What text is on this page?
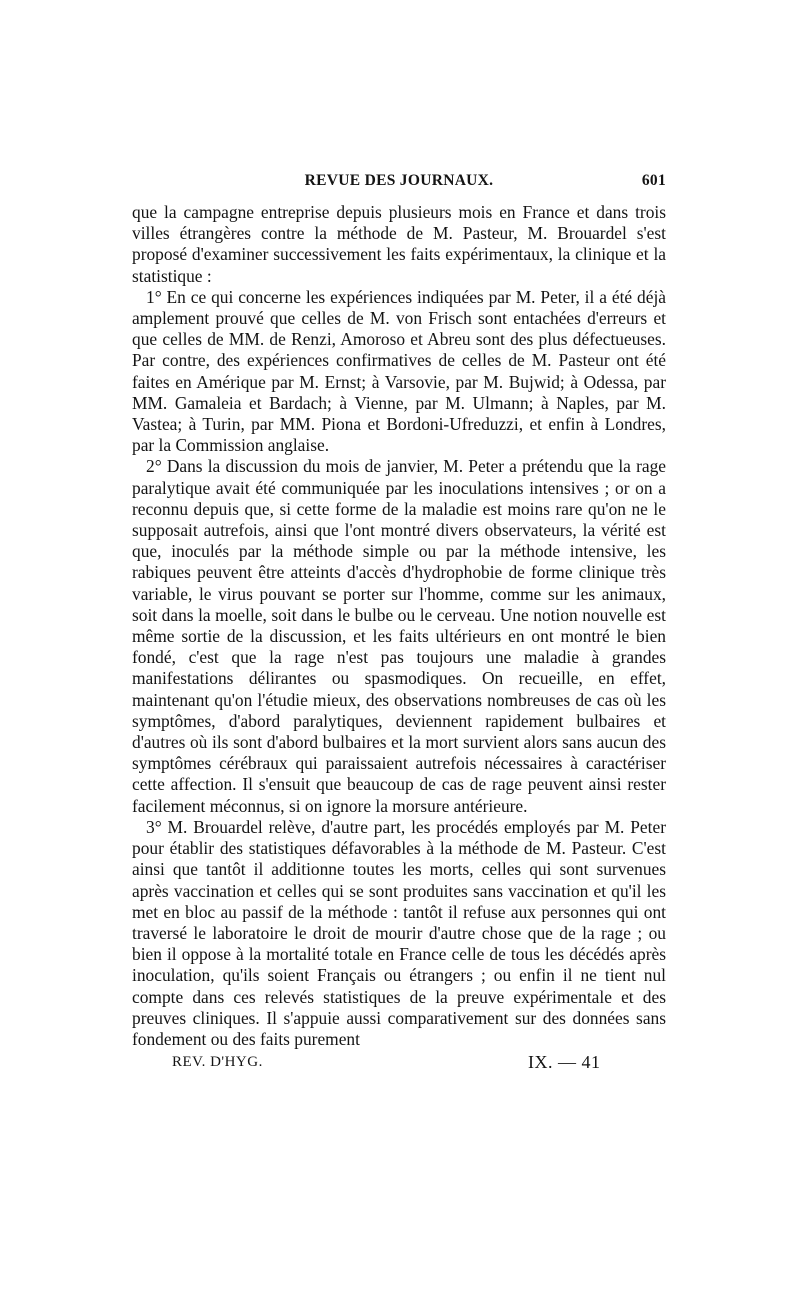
REVUE DES JOURNAUX.	601

que la campagne entreprise depuis plusieurs mois en France et dans trois villes étrangères contre la méthode de M. Pasteur, M. Brouardel s'est proposé d'examiner successivement les faits expérimentaux, la clinique et la statistique :

1° En ce qui concerne les expériences indiquées par M. Peter, il a été déjà amplement prouvé que celles de M. von Frisch sont entachées d'erreurs et que celles de MM. de Renzi, Amoroso et Abreu sont des plus défectueuses. Par contre, des expériences confirmatives de celles de M. Pasteur ont été faites en Amérique par M. Ernst; à Varsovie, par M. Bujwid; à Odessa, par MM. Gamaleia et Bardach; à Vienne, par M. Ulmann; à Naples, par M. Vastea; à Turin, par MM. Piona et Bordoni-Ufreduzzi, et enfin à Londres, par la Commission anglaise.

2° Dans la discussion du mois de janvier, M. Peter a prétendu que la rage paralytique avait été communiquée par les inoculations intensives ; or on a reconnu depuis que, si cette forme de la maladie est moins rare qu'on ne le supposait autrefois, ainsi que l'ont montré divers observateurs, la vérité est que, inoculés par la méthode simple ou par la méthode intensive, les rabiques peuvent être atteints d'accès d'hydrophobie de forme clinique très variable, le virus pouvant se porter sur l'homme, comme sur les animaux, soit dans la moelle, soit dans le bulbe ou le cerveau. Une notion nouvelle est même sortie de la discussion, et les faits ultérieurs en ont montré le bien fondé, c'est que la rage n'est pas toujours une maladie à grandes manifestations délirantes ou spasmodiques. On recueille, en effet, maintenant qu'on l'étudie mieux, des observations nombreuses de cas où les symptômes, d'abord paralytiques, deviennent rapidement bulbaires et d'autres où ils sont d'abord bulbaires et la mort survient alors sans aucun des symptômes cérébraux qui paraissaient autrefois nécessaires à caractériser cette affection. Il s'ensuit que beaucoup de cas de rage peuvent ainsi rester facilement méconnus, si on ignore la morsure antérieure.

3° M. Brouardel relève, d'autre part, les procédés employés par M. Peter pour établir des statistiques défavorables à la méthode de M. Pasteur. C'est ainsi que tantôt il additionne toutes les morts, celles qui sont survenues après vaccination et celles qui se sont produites sans vaccination et qu'il les met en bloc au passif de la méthode : tantôt il refuse aux personnes qui ont traversé le laboratoire le droit de mourir d'autre chose que de la rage ; ou bien il oppose à la mortalité totale en France celle de tous les décédés après inoculation, qu'ils soient Français ou étrangers ; ou enfin il ne tient nul compte dans ces relevés statistiques de la preuve expérimentale et des preuves cliniques. Il s'appuie aussi comparativement sur des données sans fondement ou des faits purement

REV. D'HYG.	IX. — 41
